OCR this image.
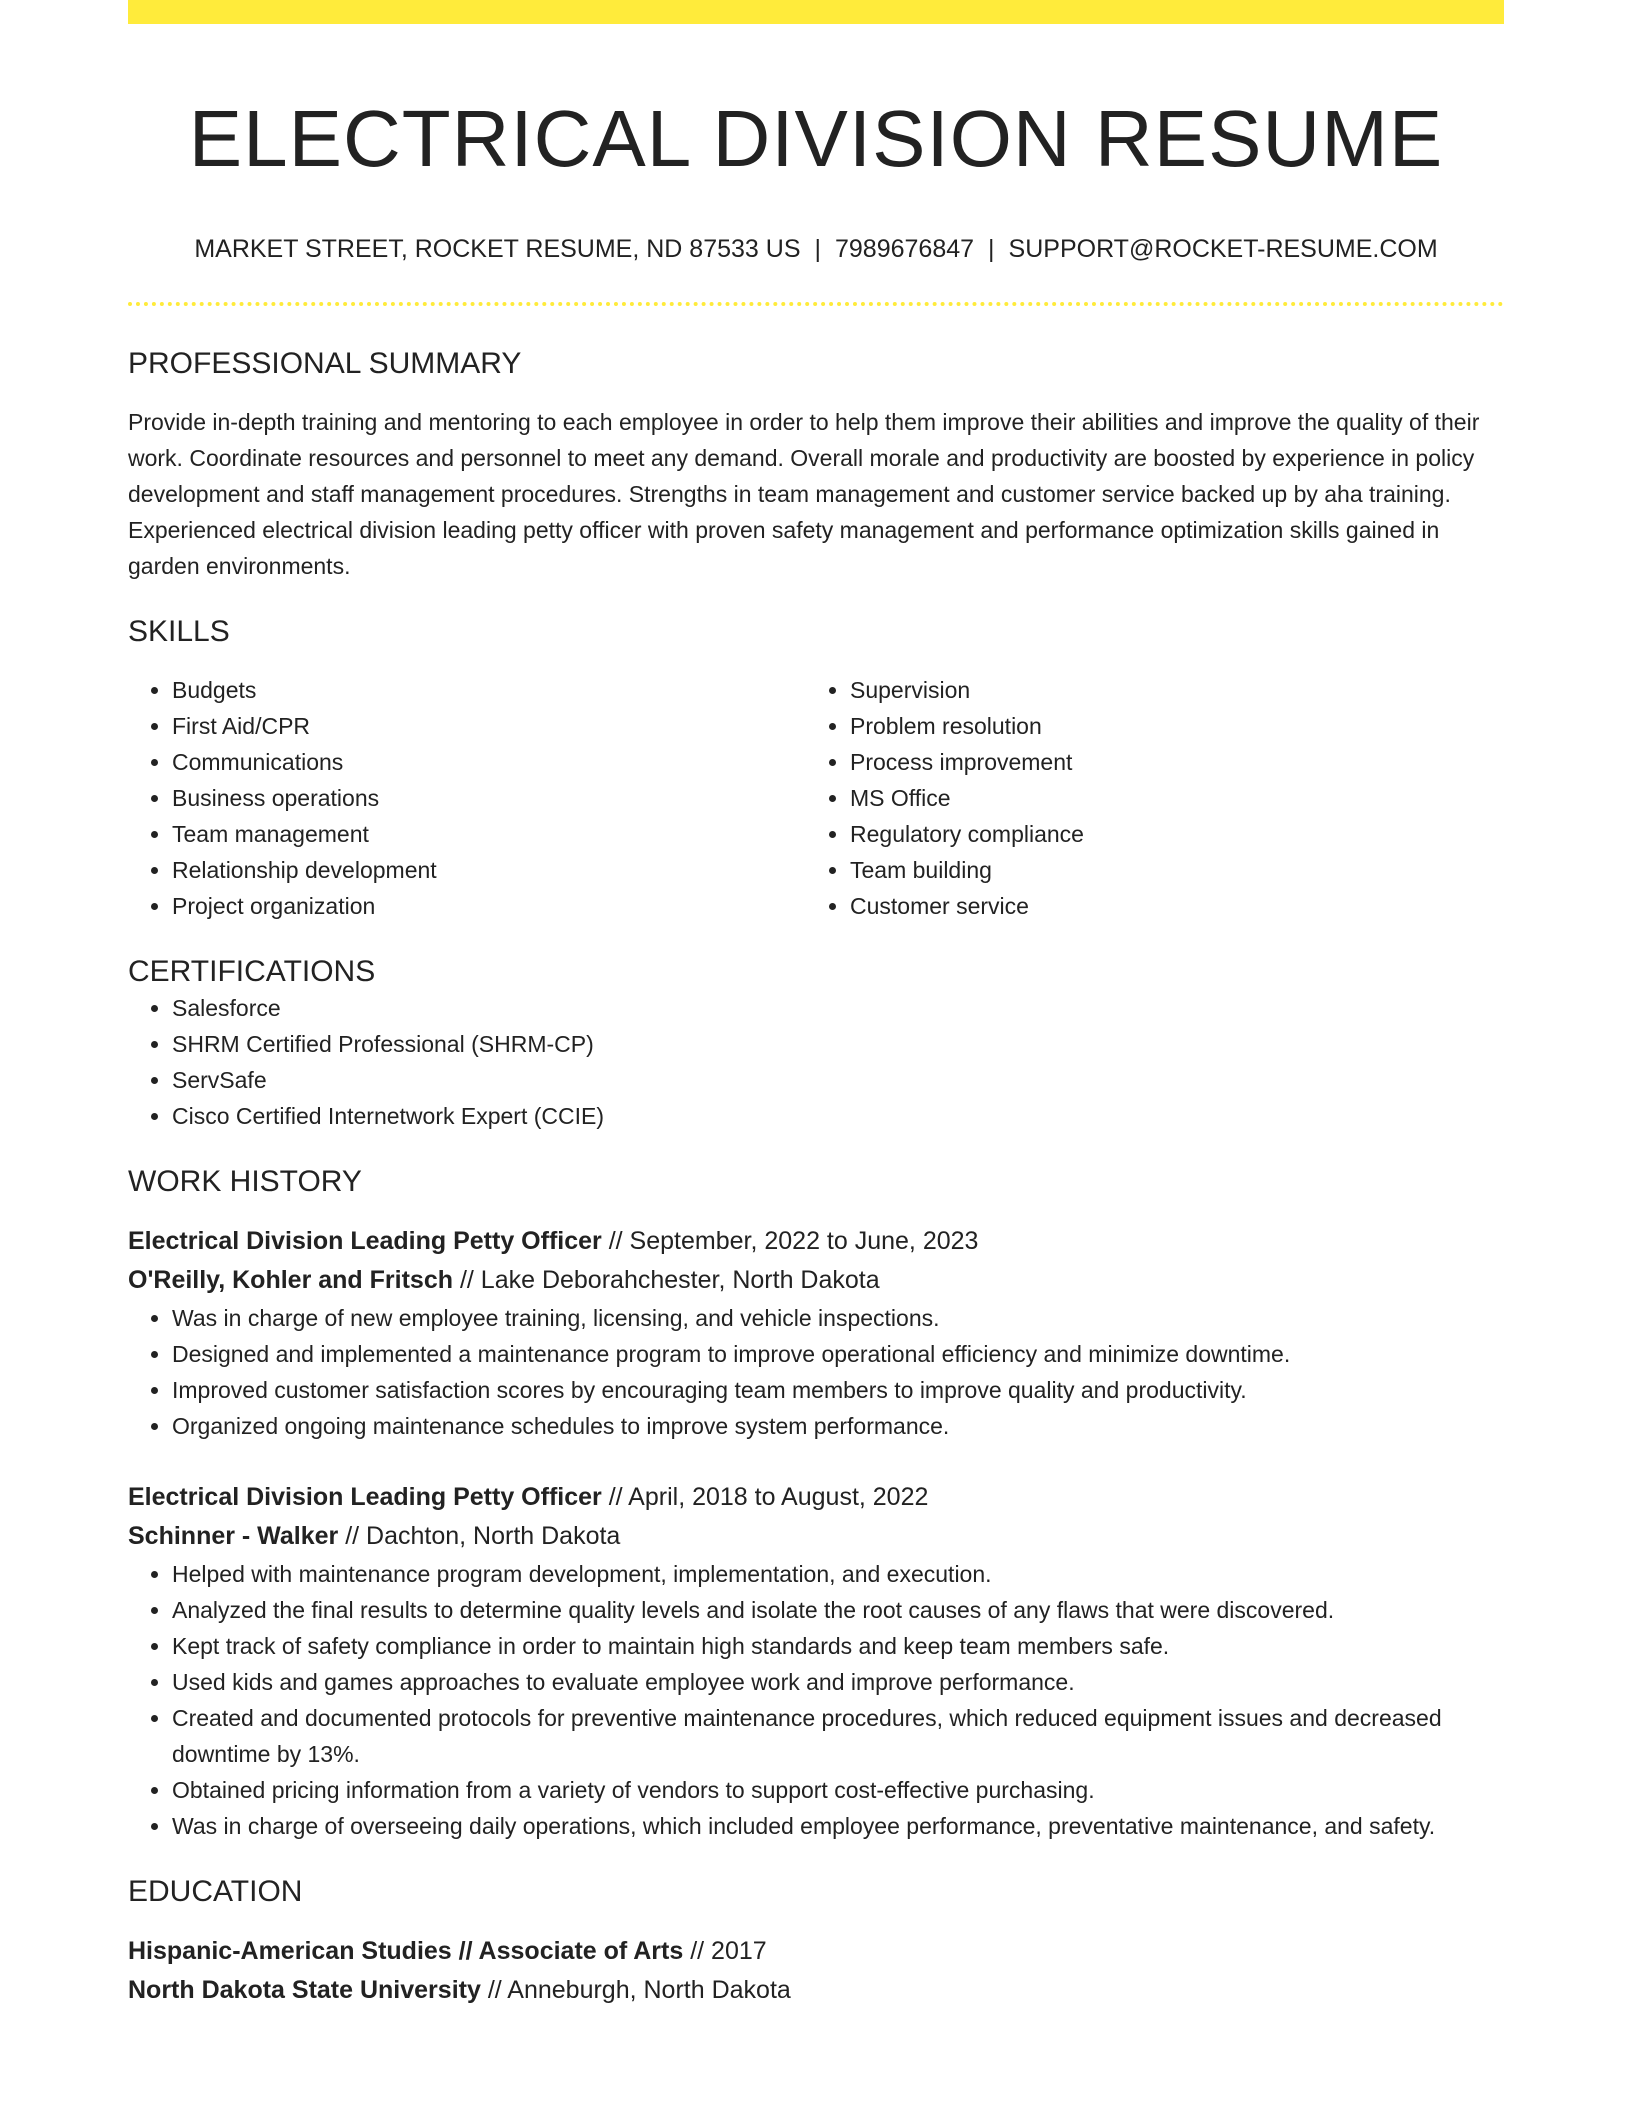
ELECTRICAL DIVISION RESUME
MARKET STREET, ROCKET RESUME, ND 87533 US | 7989676847 | SUPPORT@ROCKET-RESUME.COM
PROFESSIONAL SUMMARY
Provide in-depth training and mentoring to each employee in order to help them improve their abilities and improve the quality of their work. Coordinate resources and personnel to meet any demand. Overall morale and productivity are boosted by experience in policy development and staff management procedures. Strengths in team management and customer service backed up by aha training. Experienced electrical division leading petty officer with proven safety management and performance optimization skills gained in garden environments.
SKILLS
• Budgets
• First Aid/CPR
• Communications
• Business operations
• Team management
• Relationship development
• Project organization
• Supervision
• Problem resolution
• Process improvement
• MS Office
• Regulatory compliance
• Team building
• Customer service
CERTIFICATIONS
• Salesforce
• SHRM Certified Professional (SHRM-CP)
• ServSafe
• Cisco Certified Internetwork Expert (CCIE)
WORK HISTORY
Electrical Division Leading Petty Officer // September, 2022 to June, 2023
O'Reilly, Kohler and Fritsch // Lake Deborahchester, North Dakota
• Was in charge of new employee training, licensing, and vehicle inspections.
• Designed and implemented a maintenance program to improve operational efficiency and minimize downtime.
• Improved customer satisfaction scores by encouraging team members to improve quality and productivity.
• Organized ongoing maintenance schedules to improve system performance.
Electrical Division Leading Petty Officer // April, 2018 to August, 2022
Schinner - Walker // Dachton, North Dakota
• Helped with maintenance program development, implementation, and execution.
• Analyzed the final results to determine quality levels and isolate the root causes of any flaws that were discovered.
• Kept track of safety compliance in order to maintain high standards and keep team members safe.
• Used kids and games approaches to evaluate employee work and improve performance.
• Created and documented protocols for preventive maintenance procedures, which reduced equipment issues and decreased downtime by 13%.
• Obtained pricing information from a variety of vendors to support cost-effective purchasing.
• Was in charge of overseeing daily operations, which included employee performance, preventative maintenance, and safety.
EDUCATION
Hispanic-American Studies // Associate of Arts // 2017
North Dakota State University // Anneburgh, North Dakota
